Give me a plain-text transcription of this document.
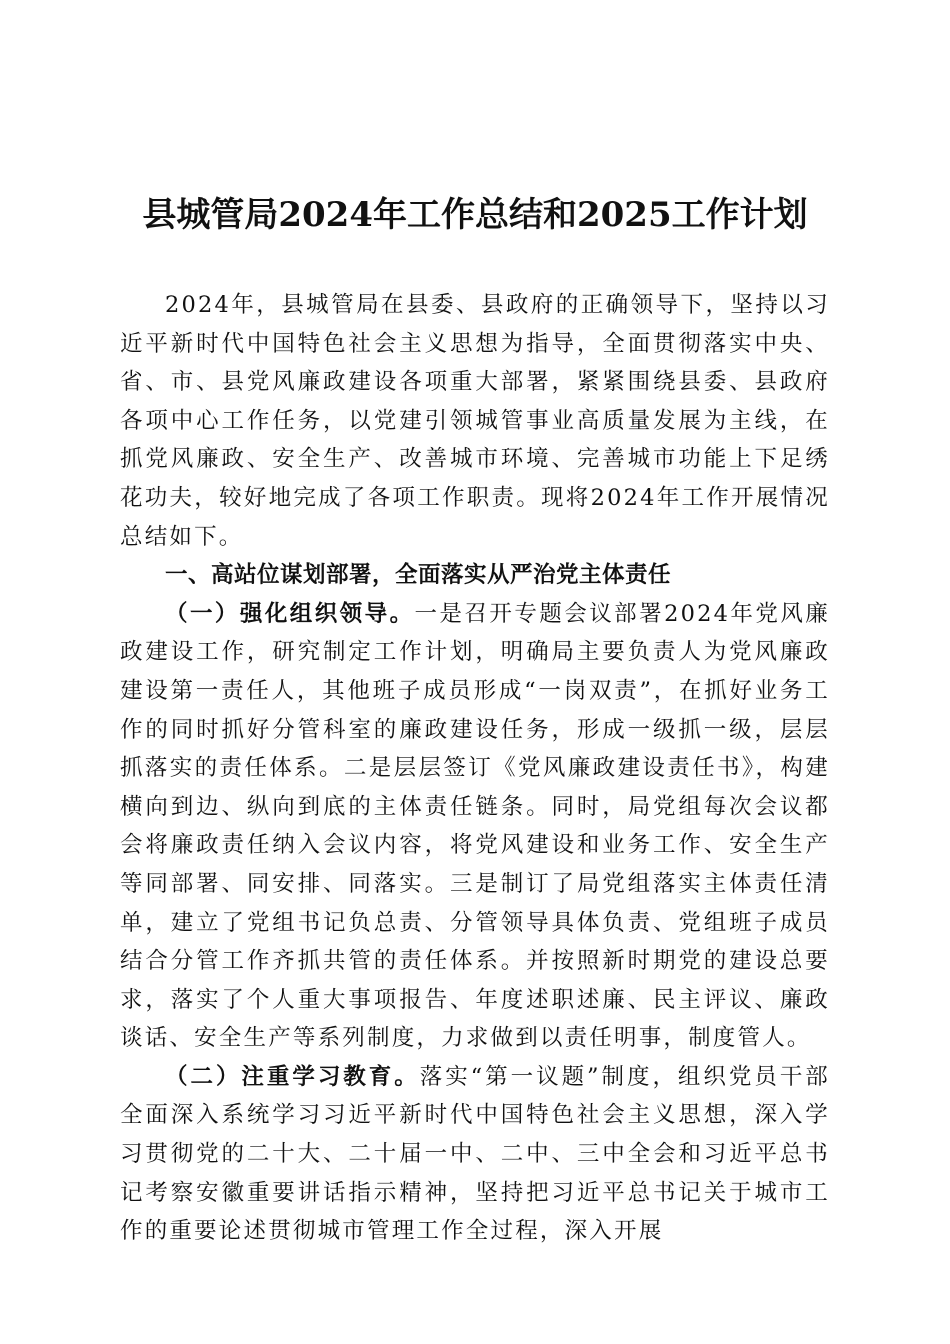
县城管局2024年工作总结和2025工作计划

2024年，县城管局在县委、县政府的正确领导下，坚持以习近平新时代中国特色社会主义思想为指导，全面贯彻落实中央、省、市、县党风廉政建设各项重大部署，紧紧围绕县委、县政府各项中心工作任务，以党建引领城管事业高质量发展为主线，在抓党风廉政、安全生产、改善城市环境、完善城市功能上下足绣花功夫，较好地完成了各项工作职责。现将2024年工作开展情况总结如下。

一、高站位谋划部署，全面落实从严治党主体责任

（一）强化组织领导。一是召开专题会议部署2024年党风廉政建设工作，研究制定工作计划，明确局主要负责人为党风廉政建设第一责任人，其他班子成员形成“一岗双责”，在抓好业务工作的同时抓好分管科室的廉政建设任务，形成一级抓一级，层层抓落实的责任体系。二是层层签订《党风廉政建设责任书》，构建横向到边、纵向到底的主体责任链条。同时，局党组每次会议都会将廉政责任纳入会议内容，将党风建设和业务工作、安全生产等同部署、同安排、同落实。三是制订了局党组落实主体责任清单，建立了党组书记负总责、分管领导具体负责、党组班子成员结合分管工作齐抓共管的责任体系。并按照新时期党的建设总要求，落实了个人重大事项报告、年度述职述廉、民主评议、廉政谈话、安全生产等系列制度，力求做到以责任明事，制度管人。

（二）注重学习教育。落实“第一议题”制度，组织党员干部全面深入系统学习习近平新时代中国特色社会主义思想，深入学习贯彻党的二十大、二十届一中、二中、三中全会和习近平总书记考察安徽重要讲话指示精神，坚持把习近平总书记关于城市工作的重要论述贯彻城市管理工作全过程，深入开展
